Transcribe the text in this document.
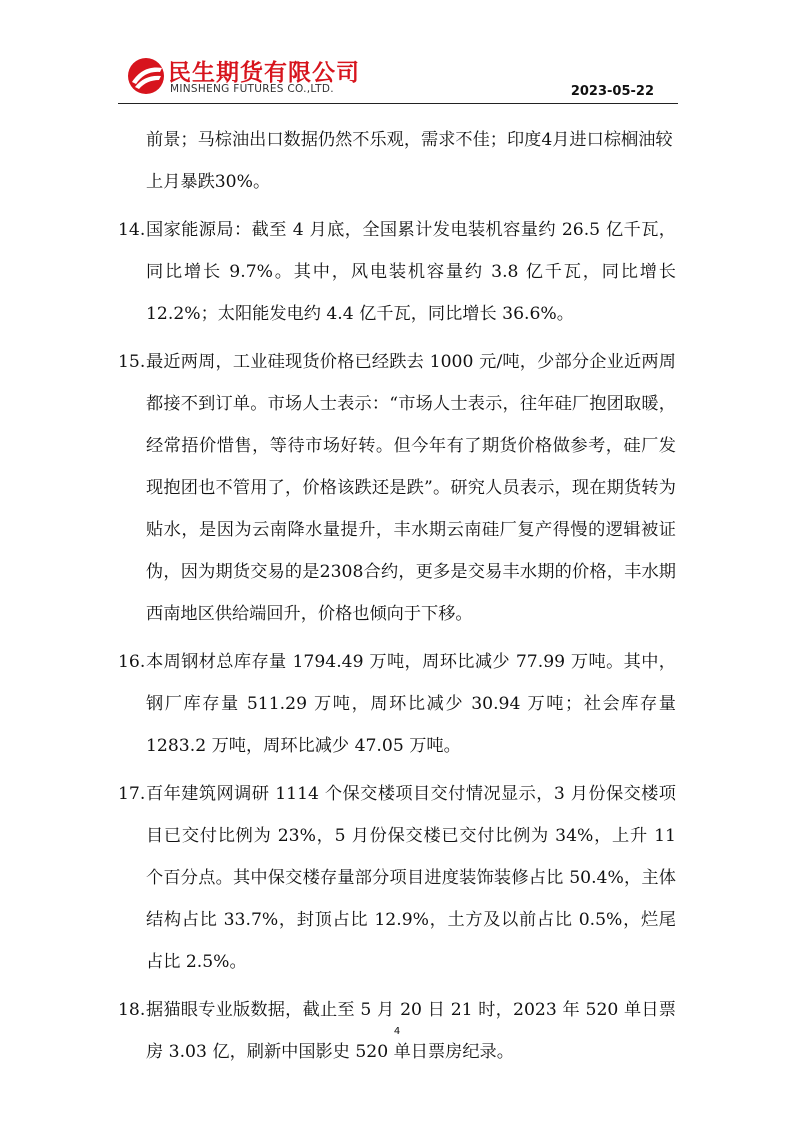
民生期货有限公司
MINSHENG FUTURES CO.,LTD.	2023-05-22
前景；马棕油出口数据仍然不乐观，需求不佳；印度4月进口棕榈油较上月暴跌30%。
14. 国家能源局：截至 4 月底，全国累计发电装机容量约 26.5 亿千瓦，同比增长 9.7%。其中，风电装机容量约 3.8 亿千瓦，同比增长 12.2%；太阳能发电约 4.4 亿千瓦，同比增长 36.6%。
15. 最近两周，工业硅现货价格已经跌去 1000 元/吨，少部分企业近两周都接不到订单。市场人士表示：“市场人士表示，往年硅厂抱团取暖，经常捂价惜售，等待市场好转。但今年有了期货价格做参考，硅厂发现抱团也不管用了，价格该跌还是跌”。研究人员表示，现在期货转为贴水，是因为云南降水量提升，丰水期云南硅厂复产得慢的逻辑被证伪，因为期货交易的是2308合约，更多是交易丰水期的价格，丰水期西南地区供给端回升，价格也倾向于下移。
16. 本周钢材总库存量 1794.49 万吨，周环比减少 77.99 万吨。其中，钢厂库存量 511.29 万吨，周环比减少 30.94 万吨；社会库存量 1283.2 万吨，周环比减少 47.05 万吨。
17. 百年建筑网调研 1114 个保交楼项目交付情况显示，3 月份保交楼项目已交付比例为 23%，5 月份保交楼已交付比例为 34%，上升 11 个百分点。其中保交楼存量部分项目进度装饰装修占比 50.4%，主体结构占比 33.7%，封顶占比 12.9%，土方及以前占比 0.5%，烂尾占比 2.5%。
18. 据猫眼专业版数据，截止至 5 月 20 日 21 时，2023 年 520 单日票房 3.03 亿，刷新中国影史 520 单日票房纪录。
4
